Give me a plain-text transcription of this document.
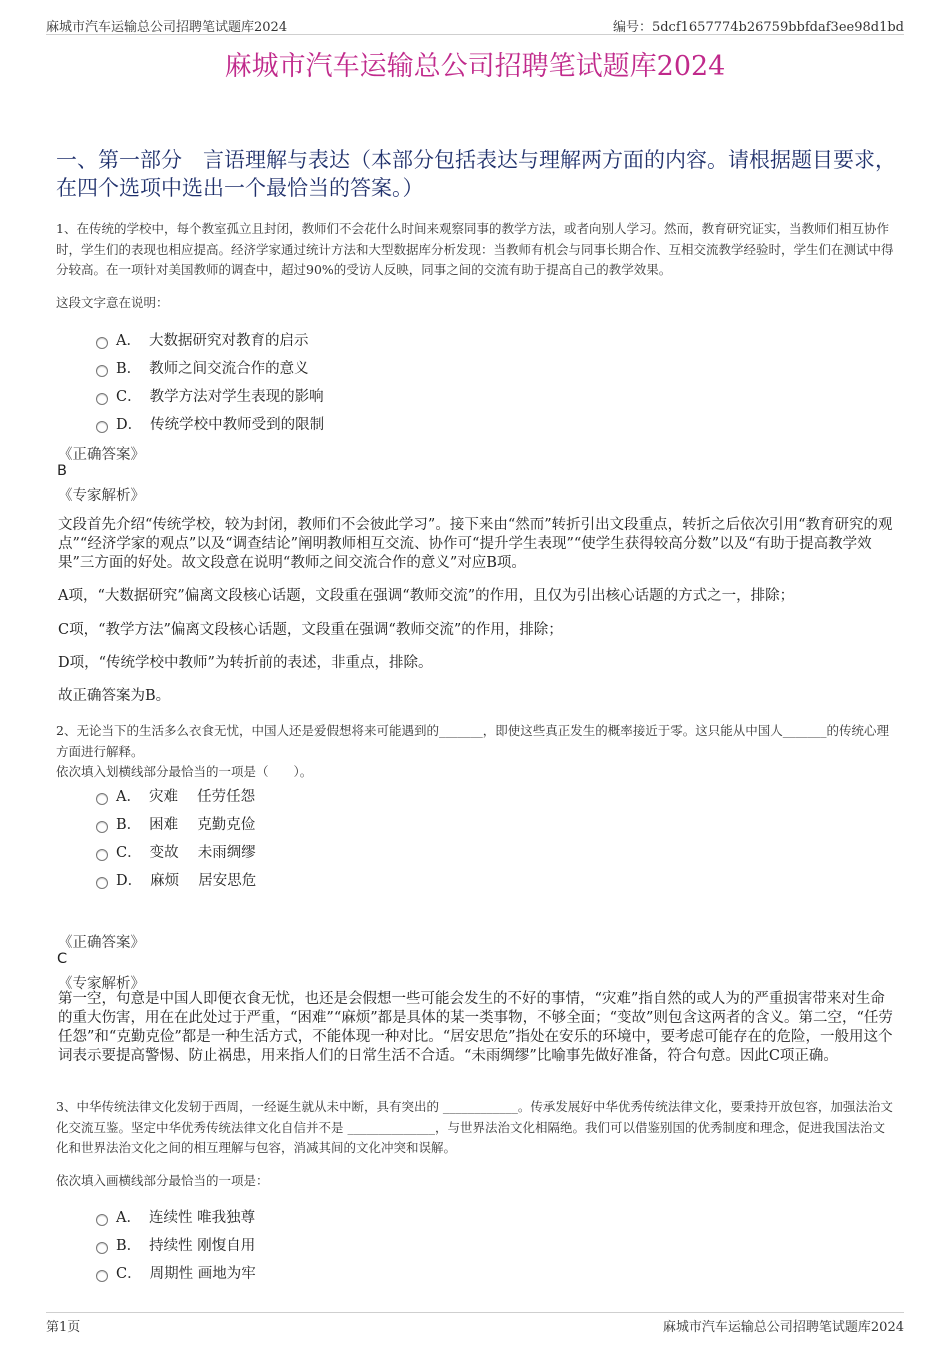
麻城市汽车运输总公司招聘笔试题库2024	编号：5dcf1657774b26759bbfdaf3ee98d1bd
麻城市汽车运输总公司招聘笔试题库2024
一、第一部分　言语理解与表达（本部分包括表达与理解两方面的内容。请根据题目要求，在四个选项中选出一个最恰当的答案。）
1、在传统的学校中，每个教室孤立且封闭，教师们不会花什么时间来观察同事的教学方法，或者向别人学习。然而，教育研究证实，当教师们相互协作时，学生们的表现也相应提高。经济学家通过统计方法和大型数据库分析发现：当教师有机会与同事长期合作、互相交流教学经验时，学生们在测试中得分较高。在一项针对美国教师的调查中，超过90%的受访人反映，同事之间的交流有助于提高自己的教学效果。
这段文字意在说明：
A． 大数据研究对教育的启示
B． 教师之间交流合作的意义
C． 教学方法对学生表现的影响
D． 传统学校中教师受到的限制
《正确答案》
B
《专家解析》
文段首先介绍“传统学校，较为封闭，教师们不会彼此学习”。接下来由“然而”转折引出文段重点，转折之后依次引用“教育研究的观点”“经济学家的观点”以及“调查结论”阐明教师相互交流、协作可“提升学生表现”“使学生获得较高分数”以及“有助于提高教学效果”三方面的好处。故文段意在说明“教师之间交流合作的意义”对应B项。
A项，“大数据研究”偏离文段核心话题，文段重在强调“教师交流”的作用，且仅为引出核心话题的方式之一，排除；
C项，“教学方法”偏离文段核心话题，文段重在强调“教师交流”的作用，排除；
D项，“传统学校中教师”为转折前的表述，非重点，排除。
故正确答案为B。
2、无论当下的生活多么衣食无忧，中国人还是爱假想将来可能遇到的_______，即使这些真正发生的概率接近于零。这只能从中国人_______的传统心理方面进行解释。
依次填入划横线部分最恰当的一项是（　　）。
A． 灾难　 任劳任怨
B． 困难　 克勤克俭
C． 变故　 未雨绸缪
D． 麻烦　 居安思危
《正确答案》
C
《专家解析》
第一空，句意是中国人即便衣食无忧，也还是会假想一些可能会发生的不好的事情，“灾难”指自然的或人为的严重损害带来对生命的重大伤害，用在在此处过于严重，“困难”“麻烦”都是具体的某一类事物，不够全面；“变故”则包含这两者的含义。第二空，“任劳任怨”和“克勤克俭”都是一种生活方式，不能体现一种对比。“居安思危”指处在安乐的环境中，要考虑可能存在的危险，一般用这个词表示要提高警惕、防止祸患，用来指人们的日常生活不合适。“未雨绸缪”比喻事先做好准备，符合句意。因此C项正确。
3、中华传统法律文化发轫于西周，一经诞生就从未中断，具有突出的 ____________。传承发展好中华优秀传统法律文化，要秉持开放包容，加强法治文化交流互鉴。坚定中华优秀传统法律文化自信并不是 ______________，与世界法治文化相隔绝。我们可以借鉴别国的优秀制度和理念，促进我国法治文化和世界法治文化之间的相互理解与包容，消减其间的文化冲突和误解。
依次填入画横线部分最恰当的一项是：
A． 连续性 唯我独尊
B． 持续性 刚愎自用
C． 周期性 画地为牢
第1页	麻城市汽车运输总公司招聘笔试题库2024
